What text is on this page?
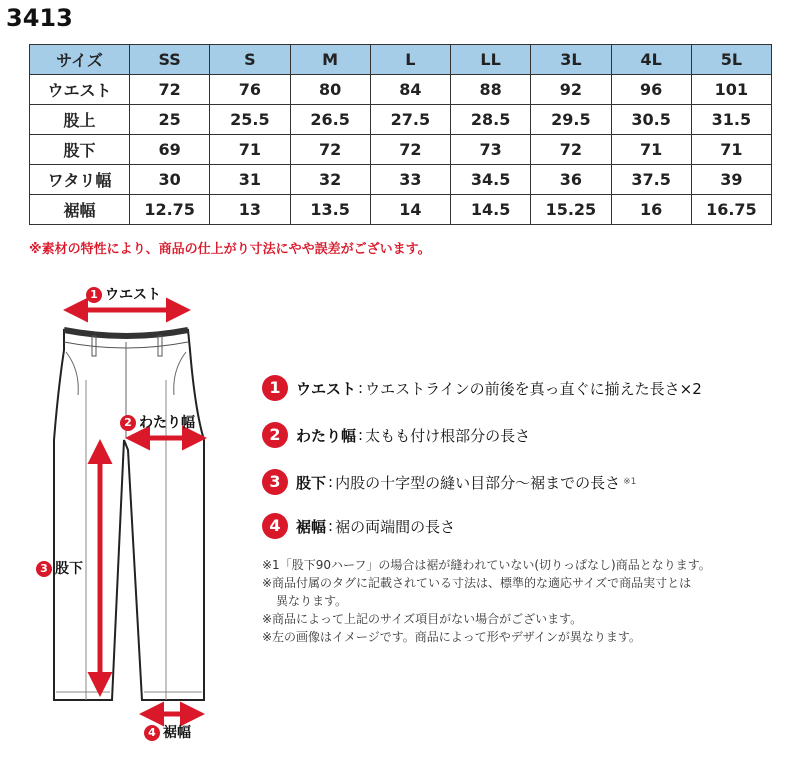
3413
サイズ	SS	S	M	L	LL	3L	4L	5L
ウエスト	72	76	80	84	88	92	96	101
股上	25	25.5	26.5	27.5	28.5	29.5	30.5	31.5
股下	69	71	72	72	73	72	71	71
ワタリ幅	30	31	32	33	34.5	36	37.5	39
裾幅	12.75	13	13.5	14	14.5	15.25	16	16.75
※素材の特性により、商品の仕上がり寸法にやや誤差がございます。
1 ウエスト
2 わたり幅
3 股下
4 裾幅
1	ウエスト : ウエストラインの前後を真っ直ぐに揃えた長さ×2
2	わたり幅 : 太もも付け根部分の長さ
3	股下 : 内股の十字型の縫い目部分〜裾までの長さ ※1
4	裾幅 : 裾の両端間の長さ

※1「股下90ハーフ」の場合は裾が縫われていない(切りっぱなし)商品となります。

※商品付属のタグに記載されている寸法は、標準的な適応サイズで商品実寸とは

異なります。

※商品によって上記のサイズ項目がない場合がございます。

※左の画像はイメージです。商品によって形やデザインが異なります。
